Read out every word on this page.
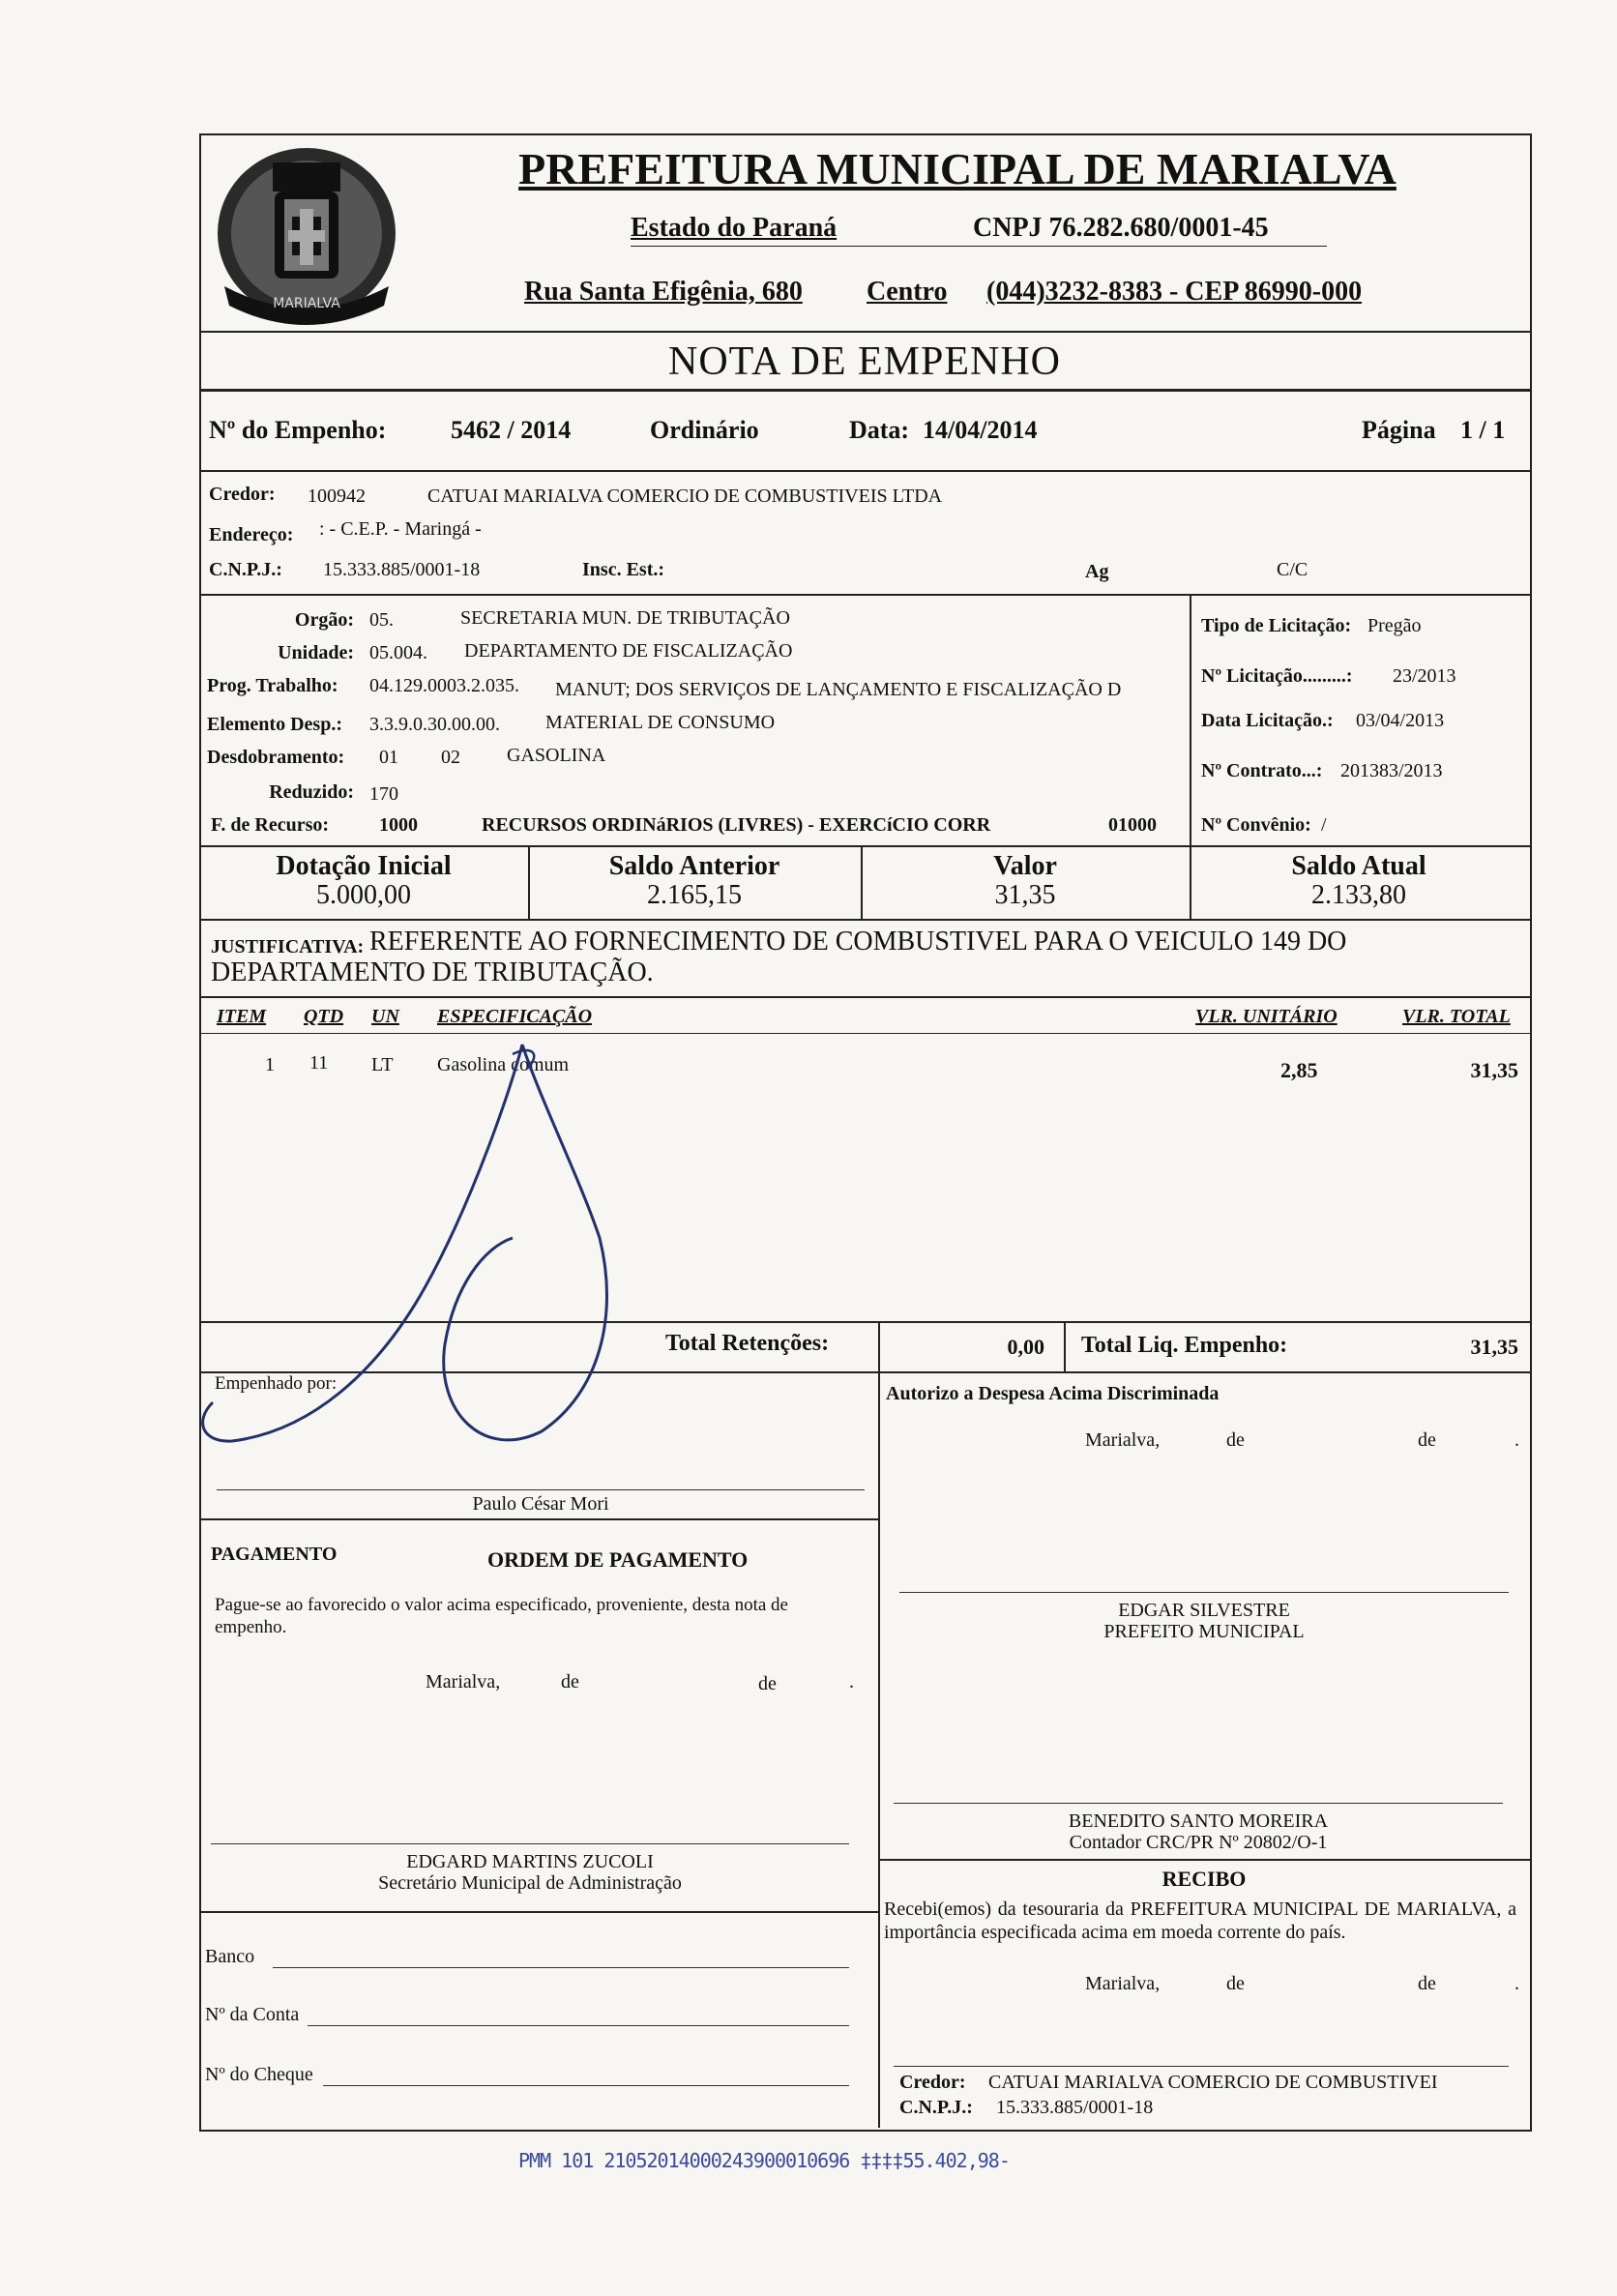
MARIALVA
PREFEITURA MUNICIPAL DE MARIALVA
Estado do Paraná	CNPJ 76.282.680/0001-45
Rua Santa Efigênia, 680 Centro (044)3232-8383 - CEP 86990-000
NOTA DE EMPENHO
Nº do Empenho:	5462 / 2014	Ordinário	Data: 14/04/2014	Página 1 / 1
Credor: 100942	CATUAI MARIALVA COMERCIO DE COMBUSTIVEIS LTDA
Endereço: : - C.E.P. - Maringá -
C.N.P.J.: 15.333.885/0001-18	Insc. Est.:	Ag	C/C
Orgão: 05.	SECRETARIA MUN. DE TRIBUTAÇÃO
Unidade: 05.004. DEPARTAMENTO DE FISCALIZAÇÃO
Prog. Trabalho: 04.129.0003.2.035. MANUT; DOS SERVIÇOS DE LANÇAMENTO E FISCALIZAÇÃO D
Elemento Desp.: 3.3.9.0.30.00.00. MATERIAL DE CONSUMO
Desdobramento: 01 02 GASOLINA
Reduzido: 170
F. de Recurso:	1000	RECURSOS ORDINáRIOS (LIVRES) - EXERCíCIO CORR	01000
Tipo de Licitação: Pregão
Nº Licitação.........: 23/2013
Data Licitação.: 03/04/2013
Nº Contrato...: 201383/2013
Nº Convênio: /
Dotação Inicial
5.000,00
Saldo Anterior
2.165,15
Valor
31,35
Saldo Atual
2.133,80
JUSTIFICATIVA: REFERENTE AO FORNECIMENTO DE COMBUSTIVEL PARA O VEICULO 149 DO
DEPARTAMENTO DE TRIBUTAÇÃO.
ITEM QTD UN ESPECIFICAÇÃO	VLR. UNITÁRIO	VLR. TOTAL
1 11 LT Gasolina comum	2,85	31,35
Total Retenções:	0,00 Total Liq. Empenho:	31,35
Empenhado por:
Paulo César Mori
Autorizo a Despesa Acima Discriminada
Marialva,	de	de	.
PAGAMENTO	ORDEM DE PAGAMENTO
Pague-se ao favorecido o valor acima especificado, proveniente, desta nota de empenho.
Marialva,	de	de	.
EDGAR SILVESTRE
PREFEITO MUNICIPAL
BENEDITO SANTO MOREIRA
Contador CRC/PR Nº 20802/O-1
EDGARD MARTINS ZUCOLI
Secretário Municipal de Administração	RECIBO
Recebi(emos) da tesouraria da PREFEITURA MUNICIPAL DE MARIALVA, a importância especificada acima em moeda corrente do país.
Marialva,	de	de	.
Banco
Nº da Conta
Nº do Cheque	Credor: CATUAI MARIALVA COMERCIO DE COMBUSTIVEI
C.N.P.J.: 15.333.885/0001-18
PMM 101 21052014000243900010696 ‡‡‡‡55.402,98-
